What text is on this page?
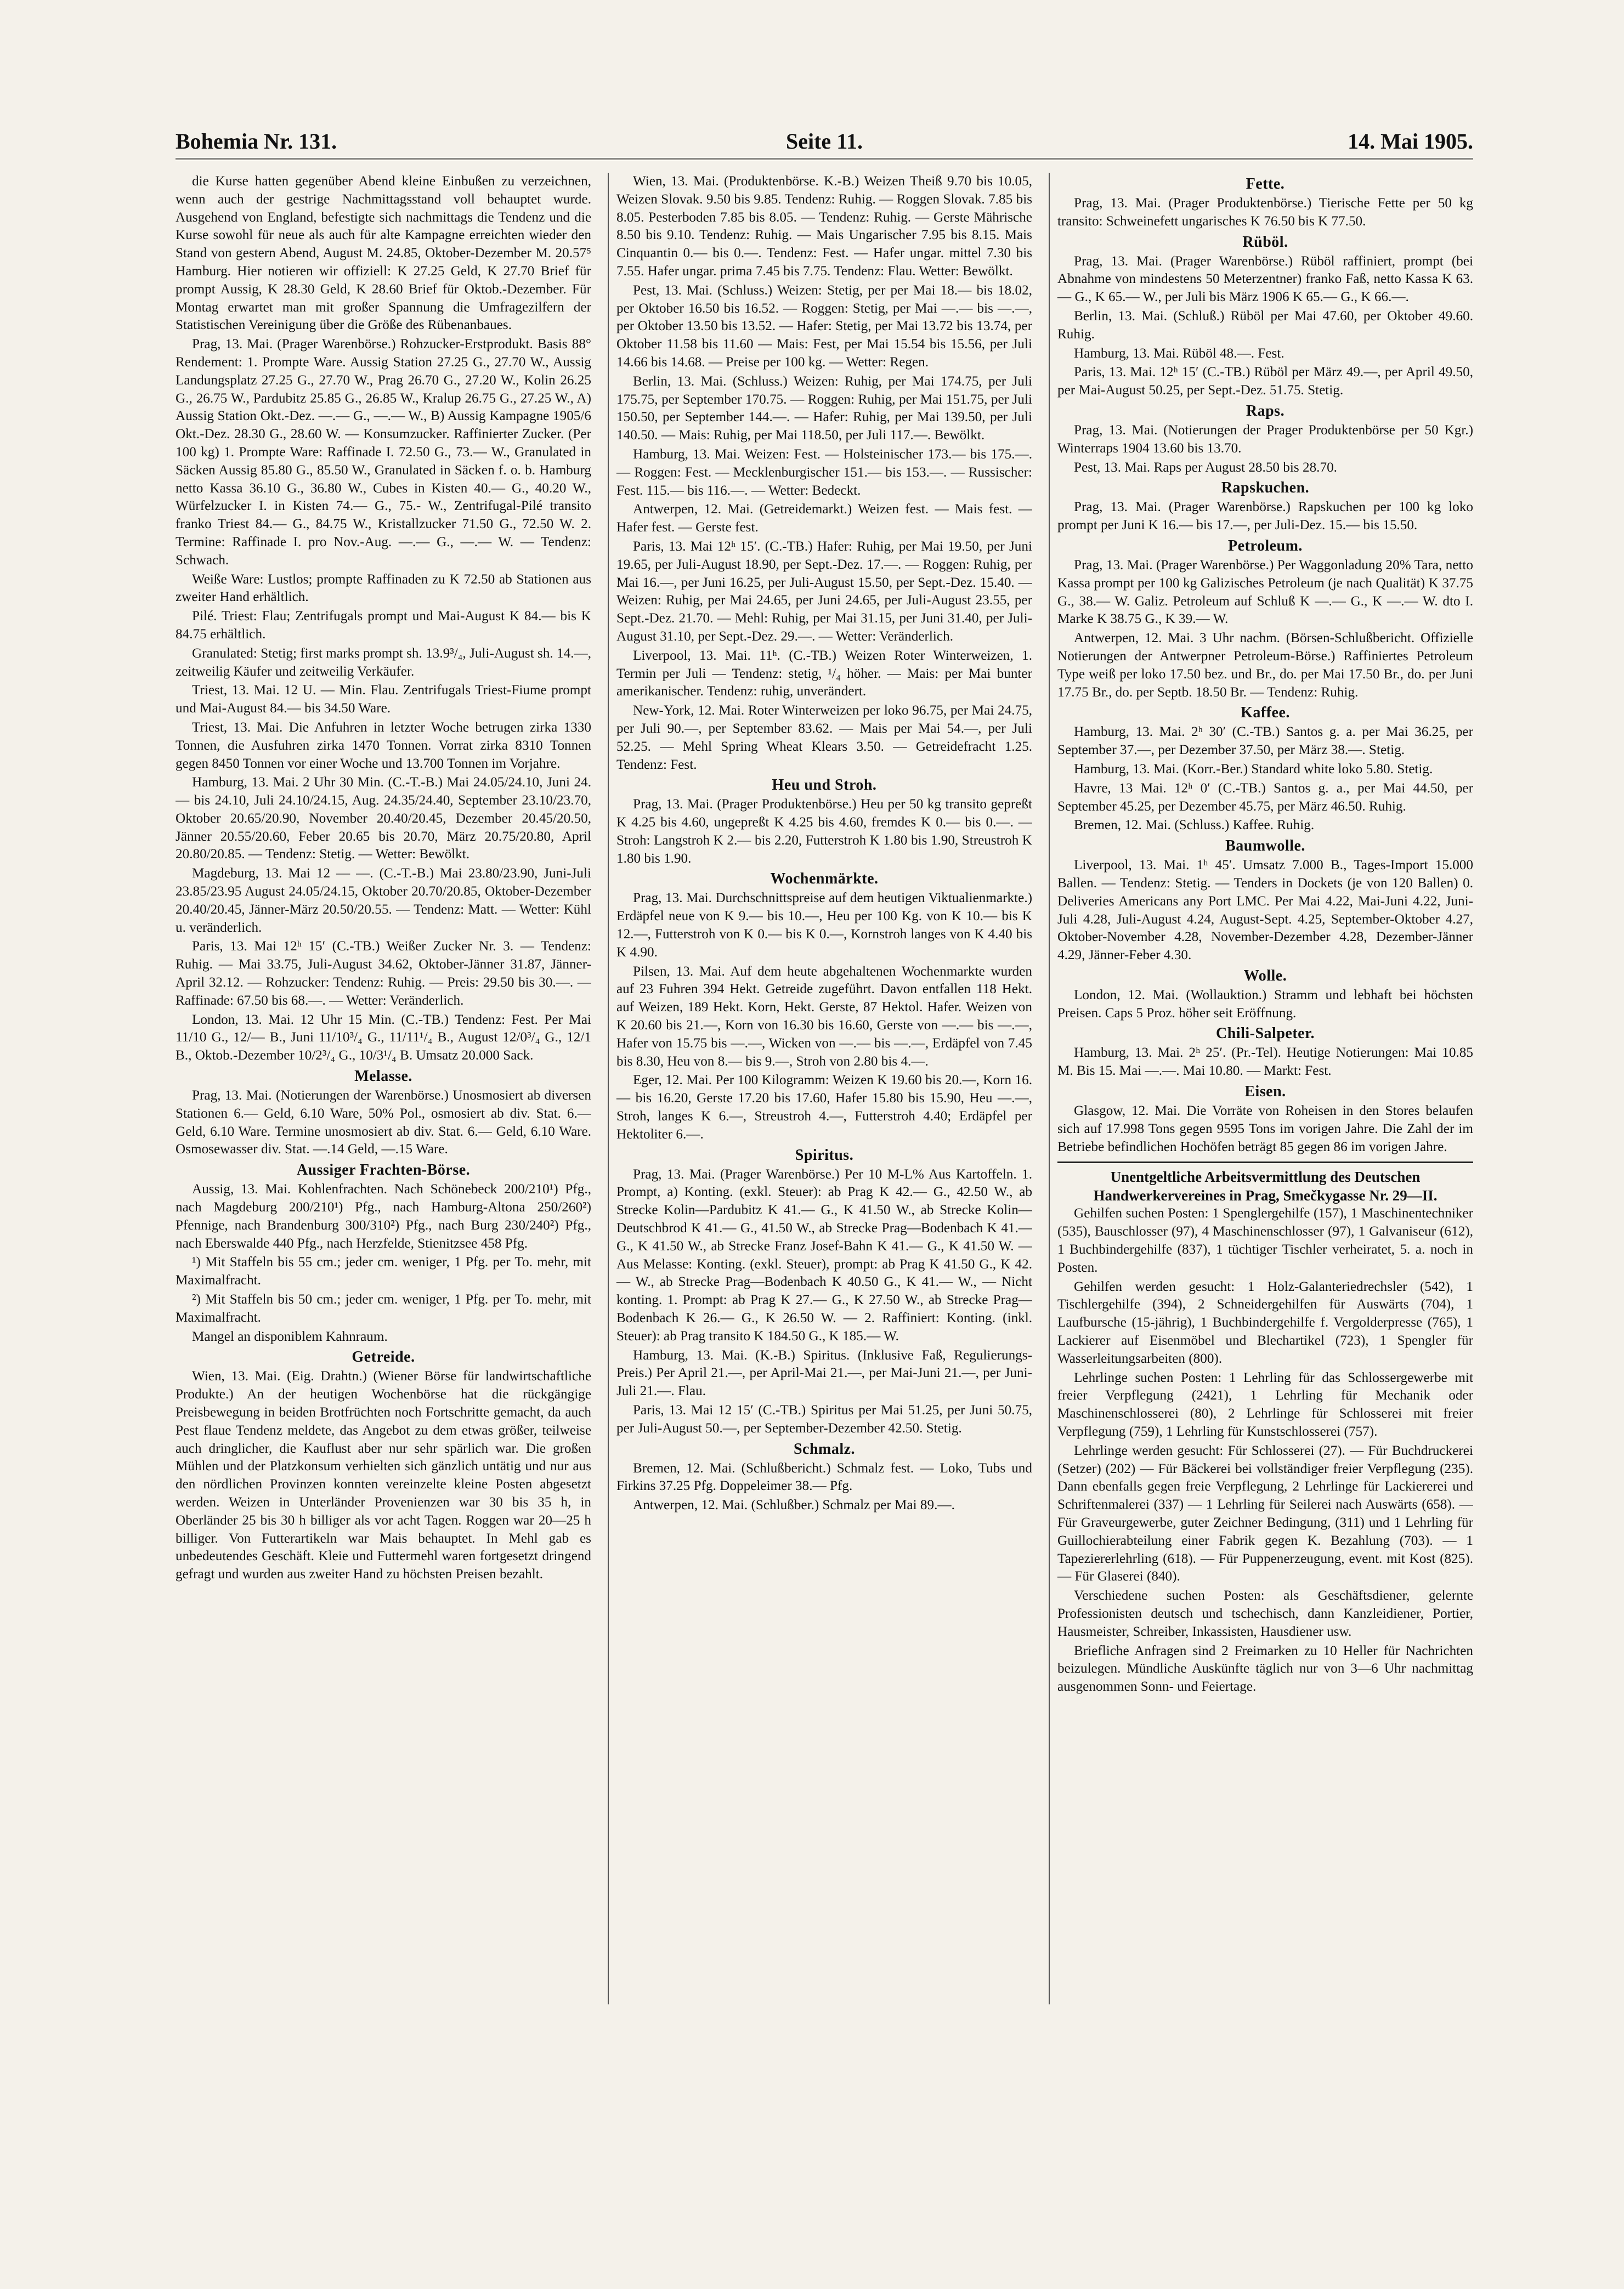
Bohemia Nr. 131.	Seite 11.	14. Mai 1905.

die Kurse hatten gegenüber Abend kleine Einbußen zu verzeichnen, wenn auch der gestrige Nachmittagsstand voll behauptet wurde. Ausgehend von England, befestigte sich nachmittags die Tendenz und die Kurse sowohl für neue als auch für alte Kampagne erreichten wieder den Stand von gestern Abend, August M. 24.85, Oktober-Dezember M. 20.57⁵ Hamburg. Hier notieren wir offiziell: K 27.25 Geld, K 27.70 Brief für prompt Aussig, K 28.30 Geld, K 28.60 Brief für Oktob.-Dezember. Für Montag erwartet man mit großer Spannung die Umfragezilfern der Statistischen Vereinigung über die Größe des Rübenanbaues.

Prag, 13. Mai. (Prager Warenbörse.) Rohzucker-Erstprodukt. Basis 88° Rendement: 1. Prompte Ware. Aussig Station 27.25 G., 27.70 W., Aussig Landungsplatz 27.25 G., 27.70 W., Prag 26.70 G., 27.20 W., Kolin 26.25 G., 26.75 W., Pardubitz 25.85 G., 26.85 W., Kralup 26.75 G., 27.25 W., A) Aussig Station Okt.-Dez. —.— G., —.— W., B) Aussig Kampagne 1905/6 Okt.-Dez. 28.30 G., 28.60 W. — Konsumzucker. Raffinierter Zucker. (Per 100 kg) 1. Prompte Ware: Raffinade I. 72.50 G., 73.— W., Granulated in Säcken Aussig 85.80 G., 85.50 W., Granulated in Säcken f. o. b. Hamburg netto Kassa 36.10 G., 36.80 W., Cubes in Kisten 40.— G., 40.20 W., Würfelzucker I. in Kisten 74.— G., 75.- W., Zentrifugal-Pilé transito franko Triest 84.— G., 84.75 W., Kristallzucker 71.50 G., 72.50 W. 2. Termine: Raffinade I. pro Nov.-Aug. —.— G., —.— W. — Tendenz: Schwach.

Weiße Ware: Lustlos; prompte Raffinaden zu K 72.50 ab Stationen aus zweiter Hand erhältlich.

Pilé. Triest: Flau; Zentrifugals prompt und Mai-August K 84.— bis K 84.75 erhältlich.

Granulated: Stetig; first marks prompt sh. 13.9³/₄, Juli-August sh. 14.—, zeitweilig Käufer und zeitweilig Verkäufer.

Triest, 13. Mai. 12 U. — Min. Flau. Zentrifugals Triest-Fiume prompt und Mai-August 84.— bis 34.50 Ware.

Triest, 13. Mai. Die Anfuhren in letzter Woche betrugen zirka 1330 Tonnen, die Ausfuhren zirka 1470 Tonnen. Vorrat zirka 8310 Tonnen gegen 8450 Tonnen vor einer Woche und 13.700 Tonnen im Vorjahre.

Hamburg, 13. Mai. 2 Uhr 30 Min. (C.-T.-B.) Mai 24.05/24.10, Juni 24.— bis 24.10, Juli 24.10/24.15, Aug. 24.35/24.40, September 23.10/23.70, Oktober 20.65/20.90, November 20.40/20.45, Dezember 20.45/20.50, Jänner 20.55/20.60, Feber 20.65 bis 20.70, März 20.75/20.80, April 20.80/20.85. — Tendenz: Stetig. — Wetter: Bewölkt.

Magdeburg, 13. Mai 12 — —. (C.-T.-B.) Mai 23.80/23.90, Juni-Juli 23.85/23.95 August 24.05/24.15, Oktober 20.70/20.85, Oktober-Dezember 20.40/20.45, Jänner-März 20.50/20.55. — Tendenz: Matt. — Wetter: Kühl u. veränderlich.

Paris, 13. Mai 12ʰ 15′ (C.-TB.) Weißer Zucker Nr. 3. — Tendenz: Ruhig. — Mai 33.75, Juli-August 34.62, Oktober-Jänner 31.87, Jänner-April 32.12. — Rohzucker: Tendenz: Ruhig. — Preis: 29.50 bis 30.—. — Raffinade: 67.50 bis 68.—. — Wetter: Veränderlich.

London, 13. Mai. 12 Uhr 15 Min. (C.-TB.) Tendenz: Fest. Per Mai 11/10 G., 12/— B., Juni 11/10³/₄ G., 11/11¹/₄ B., August 12/0³/₄ G., 12/1 B., Oktob.-Dezember 10/2³/₄ G., 10/3¹/₄ B. Umsatz 20.000 Sack.

Melasse.

Prag, 13. Mai. (Notierungen der Warenbörse.) Unosmosiert ab diversen Stationen 6.— Geld, 6.10 Ware, 50% Pol., osmosiert ab div. Stat. 6.— Geld, 6.10 Ware. Termine unosmosiert ab div. Stat. 6.— Geld, 6.10 Ware. Osmosewasser div. Stat. —.14 Geld, —.15 Ware.

Aussiger Frachten-Börse.

Aussig, 13. Mai. Kohlenfrachten. Nach Schönebeck 200/210¹) Pfg., nach Magdeburg 200/210¹) Pfg., nach Hamburg-Altona 250/260²) Pfennige, nach Brandenburg 300/310²) Pfg., nach Burg 230/240²) Pfg., nach Eberswalde 440 Pfg., nach Herzfelde, Stienitzsee 458 Pfg.

¹) Mit Staffeln bis 55 cm.; jeder cm. weniger, 1 Pfg. per To. mehr, mit Maximalfracht.

²) Mit Staffeln bis 50 cm.; jeder cm. weniger, 1 Pfg. per To. mehr, mit Maximalfracht.

Mangel an disponiblem Kahnraum.

Getreide.

Wien, 13. Mai. (Eig. Drahtn.) (Wiener Börse für landwirtschaftliche Produkte.) An der heutigen Wochenbörse hat die rückgängige Preisbewegung in beiden Brotfrüchten noch Fortschritte gemacht, da auch Pest flaue Tendenz meldete, das Angebot zu dem etwas größer, teilweise auch dringlicher, die Kauflust aber nur sehr spärlich war. Die großen Mühlen und der Platzkonsum verhielten sich gänzlich untätig und nur aus den nördlichen Provinzen konnten vereinzelte kleine Posten abgesetzt werden. Weizen in Unterländer Provenienzen war 30 bis 35 h, in Oberländer 25 bis 30 h billiger als vor acht Tagen. Roggen war 20—25 h billiger. Von Futterartikeln war Mais behauptet. In Mehl gab es unbedeutendes Geschäft. Kleie und Futtermehl waren fortgesetzt dringend gefragt und wurden aus zweiter Hand zu höchsten Preisen bezahlt.

Wien, 13. Mai. (Produktenbörse. K.-B.) Weizen Theiß 9.70 bis 10.05, Weizen Slovak. 9.50 bis 9.85. Tendenz: Ruhig. — Roggen Slovak. 7.85 bis 8.05. Pesterboden 7.85 bis 8.05. — Tendenz: Ruhig. — Gerste Mährische 8.50 bis 9.10. Tendenz: Ruhig. — Mais Ungarischer 7.95 bis 8.15. Mais Cinquantin 0.— bis 0.—. Tendenz: Fest. — Hafer ungar. mittel 7.30 bis 7.55. Hafer ungar. prima 7.45 bis 7.75. Tendenz: Flau. Wetter: Bewölkt.

Pest, 13. Mai. (Schluss.) Weizen: Stetig, per per Mai 18.— bis 18.02, per Oktober 16.50 bis 16.52. — Roggen: Stetig, per Mai —.— bis —.—, per Oktober 13.50 bis 13.52. — Hafer: Stetig, per Mai 13.72 bis 13.74, per Oktober 11.58 bis 11.60 — Mais: Fest, per Mai 15.54 bis 15.56, per Juli 14.66 bis 14.68. — Preise per 100 kg. — Wetter: Regen.

Berlin, 13. Mai. (Schluss.) Weizen: Ruhig, per Mai 174.75, per Juli 175.75, per September 170.75. — Roggen: Ruhig, per Mai 151.75, per Juli 150.50, per September 144.—. — Hafer: Ruhig, per Mai 139.50, per Juli 140.50. — Mais: Ruhig, per Mai 118.50, per Juli 117.—. Bewölkt.

Hamburg, 13. Mai. Weizen: Fest. — Holsteinischer 173.— bis 175.—. — Roggen: Fest. — Mecklenburgischer 151.— bis 153.—. — Russischer: Fest. 115.— bis 116.—. — Wetter: Bedeckt.

Antwerpen, 12. Mai. (Getreidemarkt.) Weizen fest. — Mais fest. — Hafer fest. — Gerste fest.

Paris, 13. Mai 12ʰ 15′. (C.-TB.) Hafer: Ruhig, per Mai 19.50, per Juni 19.65, per Juli-August 18.90, per Sept.-Dez. 17.—. — Roggen: Ruhig, per Mai 16.—, per Juni 16.25, per Juli-August 15.50, per Sept.-Dez. 15.40. — Weizen: Ruhig, per Mai 24.65, per Juni 24.65, per Juli-August 23.55, per Sept.-Dez. 21.70. — Mehl: Ruhig, per Mai 31.15, per Juni 31.40, per Juli-August 31.10, per Sept.-Dez. 29.—. — Wetter: Veränderlich.

Liverpool, 13. Mai. 11ʰ. (C.-TB.) Weizen Roter Winterweizen, 1. Termin per Juli — Tendenz: stetig, ¹/₄ höher. — Mais: per Mai bunter amerikanischer. Tendenz: ruhig, unverändert.

New-York, 12. Mai. Roter Winterweizen per loko 96.75, per Mai 24.75, per Juli 90.—, per September 83.62. — Mais per Mai 54.—, per Juli 52.25. — Mehl Spring Wheat Klears 3.50. — Getreidefracht 1.25. Tendenz: Fest.

Heu und Stroh.

Prag, 13. Mai. (Prager Produktenbörse.) Heu per 50 kg transito gepreßt K 4.25 bis 4.60, ungepreßt K 4.25 bis 4.60, fremdes K 0.— bis 0.—. — Stroh: Langstroh K 2.— bis 2.20, Futterstroh K 1.80 bis 1.90, Streustroh K 1.80 bis 1.90.

Wochenmärkte.

Prag, 13. Mai. Durchschnittspreise auf dem heutigen Viktualienmarkte.) Erdäpfel neue von K 9.— bis 10.—, Heu per 100 Kg. von K 10.— bis K 12.—, Futterstroh von K 0.— bis K 0.—, Kornstroh langes von K 4.40 bis K 4.90.

Pilsen, 13. Mai. Auf dem heute abgehaltenen Wochenmarkte wurden auf 23 Fuhren 394 Hekt. Getreide zugeführt. Davon entfallen 118 Hekt. auf Weizen, 189 Hekt. Korn, Hekt. Gerste, 87 Hektol. Hafer. Weizen von K 20.60 bis 21.—, Korn von 16.30 bis 16.60, Gerste von —.— bis —.—, Hafer von 15.75 bis —.—, Wicken von —.— bis —.—, Erdäpfel von 7.45 bis 8.30, Heu von 8.— bis 9.—, Stroh von 2.80 bis 4.—.

Eger, 12. Mai. Per 100 Kilogramm: Weizen K 19.60 bis 20.—, Korn 16.— bis 16.20, Gerste 17.20 bis 17.60, Hafer 15.80 bis 15.90, Heu —.—, Stroh, langes K 6.—, Streustroh 4.—, Futterstroh 4.40; Erdäpfel per Hektoliter 6.—.

Spiritus.

Prag, 13. Mai. (Prager Warenbörse.) Per 10 M-L% Aus Kartoffeln. 1. Prompt, a) Konting. (exkl. Steuer): ab Prag K 42.— G., 42.50 W., ab Strecke Kolin—Pardubitz K 41.— G., K 41.50 W., ab Strecke Kolin—Deutschbrod K 41.— G., 41.50 W., ab Strecke Prag—Bodenbach K 41.— G., K 41.50 W., ab Strecke Franz Josef-Bahn K 41.— G., K 41.50 W. — Aus Melasse: Konting. (exkl. Steuer), prompt: ab Prag K 41.50 G., K 42.— W., ab Strecke Prag—Bodenbach K 40.50 G., K 41.— W., — Nicht konting. 1. Prompt: ab Prag K 27.— G., K 27.50 W., ab Strecke Prag—Bodenbach K 26.— G., K 26.50 W. — 2. Raffiniert: Konting. (inkl. Steuer): ab Prag transito K 184.50 G., K 185.— W.

Hamburg, 13. Mai. (K.-B.) Spiritus. (Inklusive Faß, Regulierungs-Preis.) Per April 21.—, per April-Mai 21.—, per Mai-Juni 21.—, per Juni-Juli 21.—. Flau.

Paris, 13. Mai 12 15′ (C.-TB.) Spiritus per Mai 51.25, per Juni 50.75, per Juli-August 50.—, per September-Dezember 42.50. Stetig.

Schmalz.

Bremen, 12. Mai. (Schlußbericht.) Schmalz fest. — Loko, Tubs und Firkins 37.25 Pfg. Doppeleimer 38.— Pfg.

Antwerpen, 12. Mai. (Schlußber.) Schmalz per Mai 89.—.

Fette.

Prag, 13. Mai. (Prager Produktenbörse.) Tierische Fette per 50 kg transito: Schweinefett ungarisches K 76.50 bis K 77.50.

Rüböl.

Prag, 13. Mai. (Prager Warenbörse.) Rüböl raffiniert, prompt (bei Abnahme von mindestens 50 Meterzentner) franko Faß, netto Kassa K 63.— G., K 65.— W., per Juli bis März 1906 K 65.— G., K 66.—.

Berlin, 13. Mai. (Schluß.) Rüböl per Mai 47.60, per Oktober 49.60. Ruhig.

Hamburg, 13. Mai. Rüböl 48.—. Fest.

Paris, 13. Mai. 12ʰ 15′ (C.-TB.) Rüböl per März 49.—, per April 49.50, per Mai-August 50.25, per Sept.-Dez. 51.75. Stetig.

Raps.

Prag, 13. Mai. (Notierungen der Prager Produktenbörse per 50 Kgr.) Winterraps 1904 13.60 bis 13.70.

Pest, 13. Mai. Raps per August 28.50 bis 28.70.

Rapskuchen.

Prag, 13. Mai. (Prager Warenbörse.) Rapskuchen per 100 kg loko prompt per Juni K 16.— bis 17.—, per Juli-Dez. 15.— bis 15.50.

Petroleum.

Prag, 13. Mai. (Prager Warenbörse.) Per Waggonladung 20% Tara, netto Kassa prompt per 100 kg Galizisches Petroleum (je nach Qualität) K 37.75 G., 38.— W. Galiz. Petroleum auf Schluß K —.— G., K —.— W. dto I. Marke K 38.75 G., K 39.— W.

Antwerpen, 12. Mai. 3 Uhr nachm. (Börsen-Schlußbericht. Offizielle Notierungen der Antwerpner Petroleum-Börse.) Raffiniertes Petroleum Type weiß per loko 17.50 bez. und Br., do. per Mai 17.50 Br., do. per Juni 17.75 Br., do. per Septb. 18.50 Br. — Tendenz: Ruhig.

Kaffee.

Hamburg, 13. Mai. 2ʰ 30′ (C.-TB.) Santos g. a. per Mai 36.25, per September 37.—, per Dezember 37.50, per März 38.—. Stetig.

Hamburg, 13. Mai. (Korr.-Ber.) Standard white loko 5.80. Stetig.

Havre, 13 Mai. 12ʰ 0′ (C.-TB.) Santos g. a., per Mai 44.50, per September 45.25, per Dezember 45.75, per März 46.50. Ruhig.

Bremen, 12. Mai. (Schluss.) Kaffee. Ruhig.

Baumwolle.

Liverpool, 13. Mai. 1ʰ 45′. Umsatz 7.000 B., Tages-Import 15.000 Ballen. — Tendenz: Stetig. — Tenders in Dockets (je von 120 Ballen) 0. Deliveries Americans any Port LMC. Per Mai 4.22, Mai-Juni 4.22, Juni-Juli 4.28, Juli-August 4.24, August-Sept. 4.25, September-Oktober 4.27, Oktober-November 4.28, November-Dezember 4.28, Dezember-Jänner 4.29, Jänner-Feber 4.30.

Wolle.

London, 12. Mai. (Wollauktion.) Stramm und lebhaft bei höchsten Preisen. Caps 5 Proz. höher seit Eröffnung.

Chili-Salpeter.

Hamburg, 13. Mai. 2ʰ 25′. (Pr.-Tel). Heutige Notierungen: Mai 10.85 M. Bis 15. Mai —.—. Mai 10.80. — Markt: Fest.

Eisen.

Glasgow, 12. Mai. Die Vorräte von Roheisen in den Stores belaufen sich auf 17.998 Tons gegen 9595 Tons im vorigen Jahre. Die Zahl der im Betriebe befindlichen Hochöfen beträgt 85 gegen 86 im vorigen Jahre.

Unentgeltliche Arbeitsvermittlung des Deutschen Handwerkervereines in Prag, Smečkygasse Nr. 29—II.

Gehilfen suchen Posten: 1 Spenglergehilfe (157), 1 Maschinentechniker (535), Bauschlosser (97), 4 Maschinenschlosser (97), 1 Galvaniseur (612), 1 Buchbindergehilfe (837), 1 tüchtiger Tischler verheiratet, 5. a. noch in Posten.

Gehilfen werden gesucht: 1 Holz-Galanteriedrechsler (542), 1 Tischlergehilfe (394), 2 Schneidergehilfen für Auswärts (704), 1 Laufbursche (15-jährig), 1 Buchbindergehilfe f. Vergolderpresse (765), 1 Lackierer auf Eisenmöbel und Blechartikel (723), 1 Spengler für Wasserleitungsarbeiten (800).

Lehrlinge suchen Posten: 1 Lehrling für das Schlossergewerbe mit freier Verpflegung (2421), 1 Lehrling für Mechanik oder Maschinenschlosserei (80), 2 Lehrlinge für Schlosserei mit freier Verpflegung (759), 1 Lehrling für Kunstschlosserei (757).

Lehrlinge werden gesucht: Für Schlosserei (27). — Für Buchdruckerei (Setzer) (202) — Für Bäckerei bei vollständiger freier Verpflegung (235). Dann ebenfalls gegen freie Verpflegung, 2 Lehrlinge für Lackiererei und Schriftenmalerei (337) — 1 Lehrling für Seilerei nach Auswärts (658). — Für Graveurgewerbe, guter Zeichner Bedingung, (311) und 1 Lehrling für Guillochierabteilung einer Fabrik gegen K. Bezahlung (703). — 1 Tapeziererlehrling (618). — Für Puppenerzeugung, event. mit Kost (825). — Für Glaserei (840).

Verschiedene suchen Posten: als Geschäftsdiener, gelernte Professionisten deutsch und tschechisch, dann Kanzleidiener, Portier, Hausmeister, Schreiber, Inkassisten, Hausdiener usw.

Briefliche Anfragen sind 2 Freimarken zu 10 Heller für Nachrichten beizulegen. Mündliche Auskünfte täglich nur von 3—6 Uhr nachmittag ausgenommen Sonn- und Feiertage.
